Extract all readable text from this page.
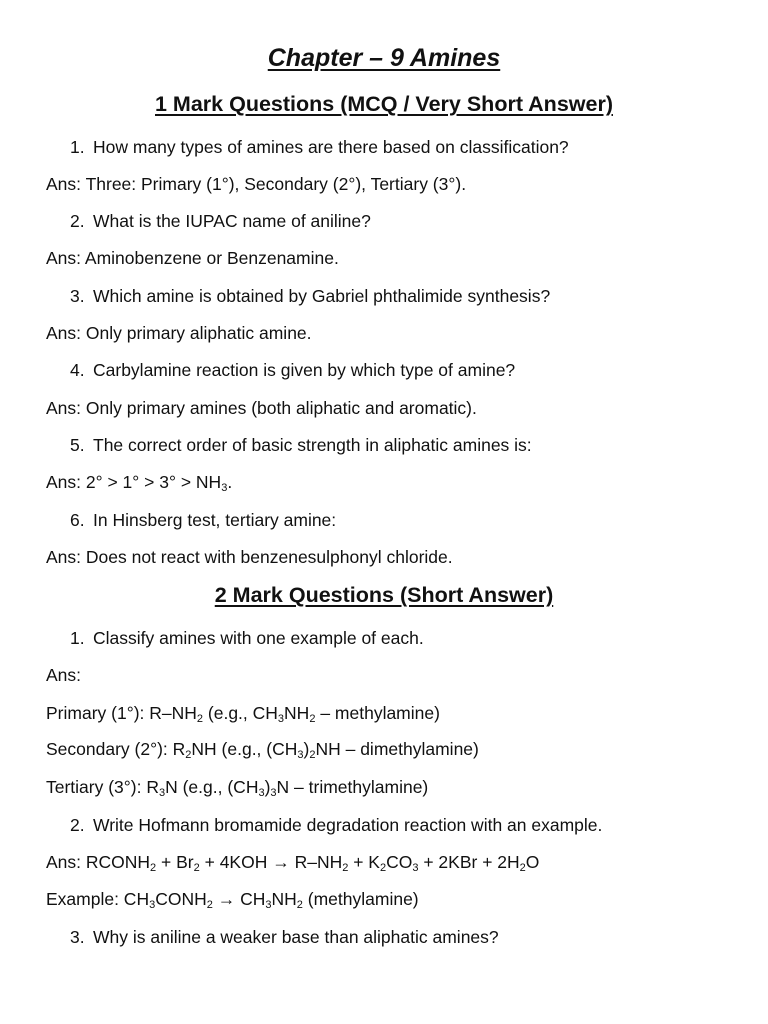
Chapter – 9 Amines
1 Mark Questions (MCQ / Very Short Answer)
1. How many types of amines are there based on classification?
Ans: Three: Primary (1°), Secondary (2°), Tertiary (3°).
2. What is the IUPAC name of aniline?
Ans: Aminobenzene or Benzenamine.
3. Which amine is obtained by Gabriel phthalimide synthesis?
Ans: Only primary aliphatic amine.
4. Carbylamine reaction is given by which type of amine?
Ans: Only primary amines (both aliphatic and aromatic).
5. The correct order of basic strength in aliphatic amines is:
Ans: $2^\circ > 1^\circ > 3^\circ > NH_3$.
6. In Hinsberg test, tertiary amine:
Ans: Does not react with benzenesulphonyl chloride.
2 Mark Questions (Short Answer)
1. Classify amines with one example of each.
Ans:
Primary (1°): $R-NH_2$ (e.g., $CH_3NH_2$ – methylamine)
Secondary (2°): $R_2NH$ (e.g., $(CH_3)_2NH$ – dimethylamine)
Tertiary (3°): $R_3N$ (e.g., $(CH_3)_3N$ – trimethylamine)
2. Write Hofmann bromamide degradation reaction with an example.
Ans: $RCONH_2 + Br_2 + 4KOH \to R-NH_2 + K_2CO_3 + 2KBr + 2H_2O$
Example: $CH_3CONH_2 \to CH_3NH_2$ (methylamine)
3. Why is aniline a weaker base than aliphatic amines?
